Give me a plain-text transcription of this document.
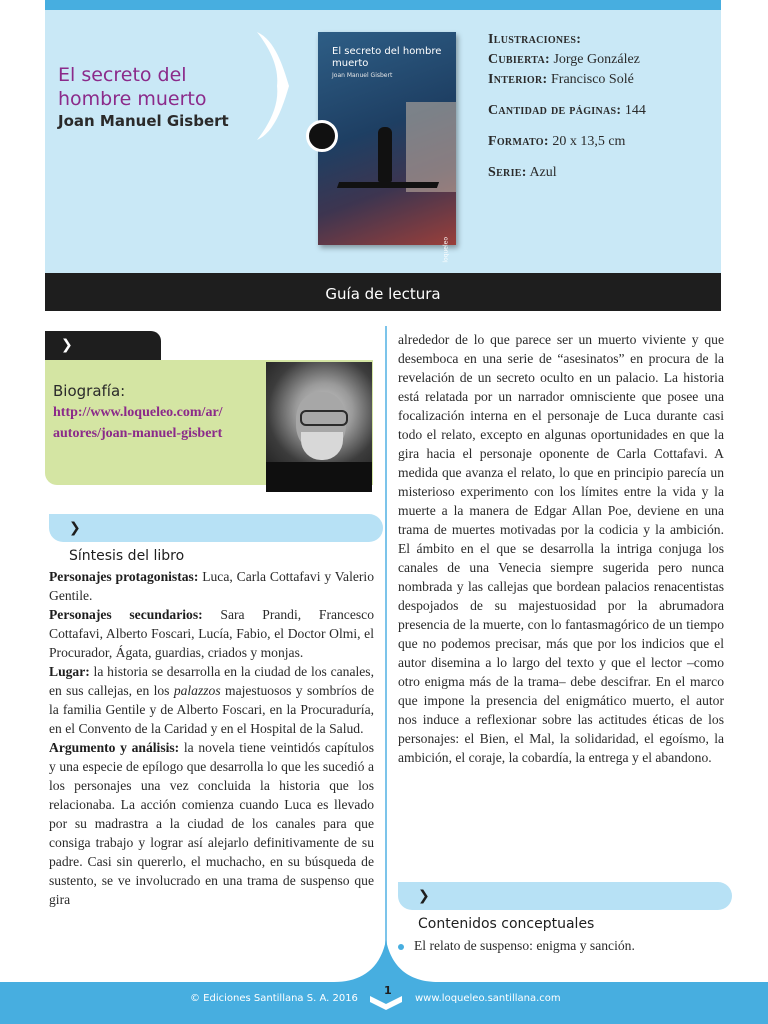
El secreto del hombre muerto
Joan Manuel Gisbert
El secreto del hombre muerto
Joan Manuel Gisbert
loqueleo
Ilustraciones:
Cubierta: Jorge González
Interior: Francisco Solé
Cantidad de páginas: 144
Formato: 20 x 13,5 cm
Serie: Azul
Guía de lectura
❯
Biografía:
http://www.loqueleo.com/ar/
autores/joan-manuel-gisbert
❯
Síntesis del libro

Personajes protagonistas: Luca, Carla Cottafavi y Valerio Gentile.

Personajes secundarios: Sara Prandi, Francesco Cottafavi, Alberto Foscari, Lucía, Fabio, el Doctor Olmi, el Procurador, Ágata, guardias, criados y monjas.

Lugar: la historia se desarrolla en la ciudad de los canales, en sus callejas, en los palazzos majestuosos y sombríos de la familia Gentile y de Alberto Foscari, en la Procuraduría, en el Convento de la Caridad y en el Hospital de la Salud.

Argumento y análisis: la novela tiene veintidós capítulos y una especie de epílogo que desarrolla lo que les sucedió a los personajes una vez concluida la historia que los relacionaba. La acción comienza cuando Luca es llevado por su madrastra a la ciudad de los canales para que consiga trabajo y lograr así alejarlo definitivamente de su padre. Casi sin quererlo, el muchacho, en su búsqueda de sustento, se ve involucrado en una trama de suspenso que gira

alrededor de lo que parece ser un muerto viviente y que desemboca en una serie de “asesinatos” en procura de la revelación de un secreto oculto en un palacio. La historia está relatada por un narrador omnisciente que posee una focalización interna en el personaje de Luca durante casi todo el relato, excepto en algunas oportunidades en que la gira hacia el personaje oponente de Carla Cottafavi. A medida que avanza el relato, lo que en principio parecía un misterioso experimento con los límites entre la vida y la muerte a la manera de Edgar Allan Poe, deviene en una trama de muertes motivadas por la codicia y la ambición. El ámbito en el que se desarrolla la intriga conjuga los canales de una Venecia siempre sugerida pero nunca nombrada y las callejas que bordean palacios renacentistas despojados de su majestuosidad por la abrumadora presencia de la muerte, con lo fantasmagórico de un tiempo que no podemos precisar, más que por los indicios que el autor disemina a lo largo del texto y que el lector –como otro enigma más de la trama– debe descifrar. En el marco que impone la presencia del enigmático muerto, el autor nos induce a reflexionar sobre las actitudes éticas de los personajes: el Bien, el Mal, la solidaridad, el egoísmo, la ambición, el coraje, la cobardía, la entrega y el abandono.
❯
Contenidos conceptuales
El relato de suspenso: enigma y sanción.
© Ediciones Santillana S. A. 2016
1
www.loqueleo.santillana.com
